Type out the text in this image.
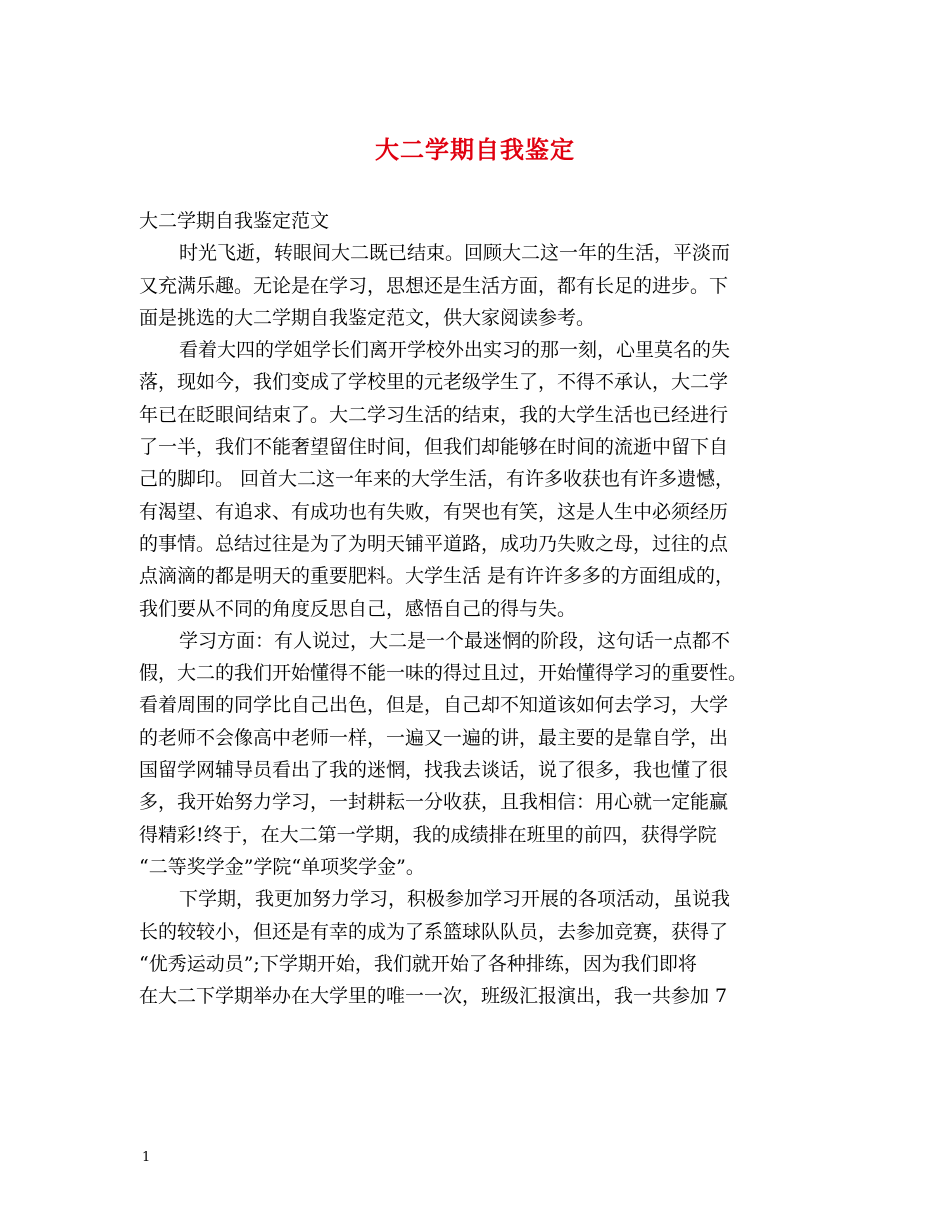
大二学期自我鉴定
大二学期自我鉴定范文
时光飞逝，转眼间大二既已结束。回顾大二这一年的生活，平淡而
又充满乐趣。无论是在学习，思想还是生活方面，都有长足的进步。下
面是挑选的大二学期自我鉴定范文，供大家阅读参考。
看着大四的学姐学长们离开学校外出实习的那一刻，心里莫名的失
落，现如今，我们变成了学校里的元老级学生了，不得不承认，大二学
年已在眨眼间结束了。大二学习生活的结束，我的大学生活也已经进行
了一半，我们不能奢望留住时间，但我们却能够在时间的流逝中留下自
己的脚印。 回首大二这一年来的大学生活，有许多收获也有许多遗憾，
有渴望、有追求、有成功也有失败，有哭也有笑，这是人生中必须经历
的事情。总结过往是为了为明天铺平道路，成功乃失败之母，过往的点
点滴滴的都是明天的重要肥料。大学生活 是有许许多多的方面组成的，
我们要从不同的角度反思自己，感悟自己的得与失。
学习方面：有人说过，大二是一个最迷惘的阶段，这句话一点都不
假，大二的我们开始懂得不能一味的得过且过，开始懂得学习的重要性。
看着周围的同学比自己出色，但是，自己却不知道该如何去学习，大学
的老师不会像高中老师一样，一遍又一遍的讲，最主要的是靠自学，出
国留学网辅导员看出了我的迷惘，找我去谈话，说了很多，我也懂了很
多，我开始努力学习，一封耕耘一分收获，且我相信：用心就一定能赢
得精彩!终于，在大二第一学期，我的成绩排在班里的前四，获得学院
“二等奖学金”学院“单项奖学金”。
下学期，我更加努力学习，积极参加学习开展的各项活动，虽说我
长的较较小，但还是有幸的成为了系篮球队队员，去参加竞赛，获得了
“优秀运动员”;下学期开始，我们就开始了各种排练，因为我们即将
在大二下学期举办在大学里的唯一一次，班级汇报演出，我一共参加 7
1
